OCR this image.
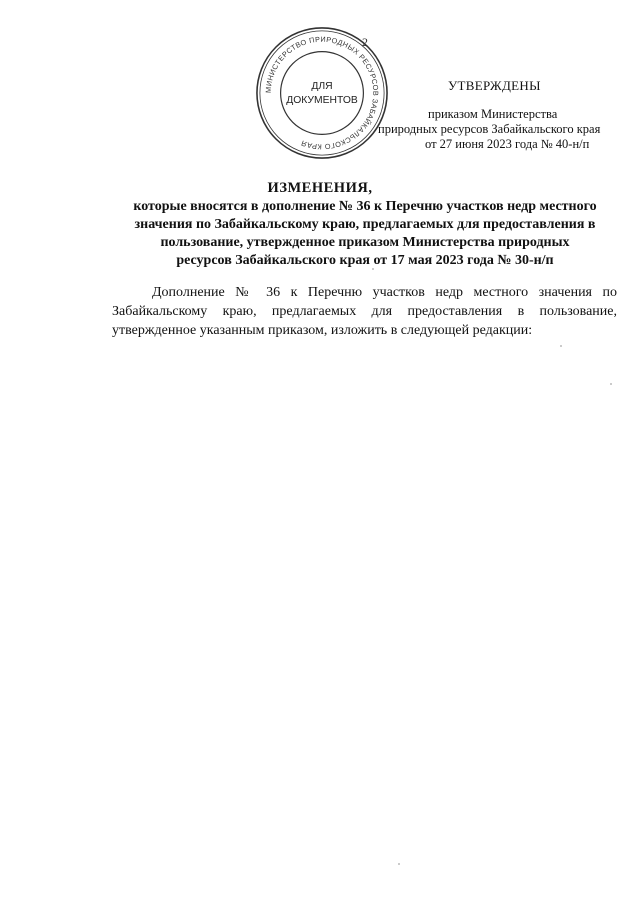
МИНИСТЕРСТВО ПРИРОДНЫХ РЕСУРСОВ ЗАБАЙКАЛЬСКОГО КРАЯ
ДЛЯ
ДОКУМЕНТОВ
2
УТВЕРЖДЕНЫ
приказом Министерства
природных ресурсов Забайкальского края
от 27 июня 2023 года № 40-н/п
ИЗМЕНЕНИЯ,
которые вносятся в дополнение № 36 к Перечню участков недр местного
значения по Забайкальскому краю, предлагаемых для предоставления в
пользование, утвержденное приказом Министерства природных
ресурсов Забайкальского края от 17 мая 2023 года № 30-н/п
Дополнение № 36 к Перечню участков недр местного значения по Забайкальскому краю, предлагаемых для предоставления в пользование, утвержденное указанным приказом, изложить в следующей редакции:
